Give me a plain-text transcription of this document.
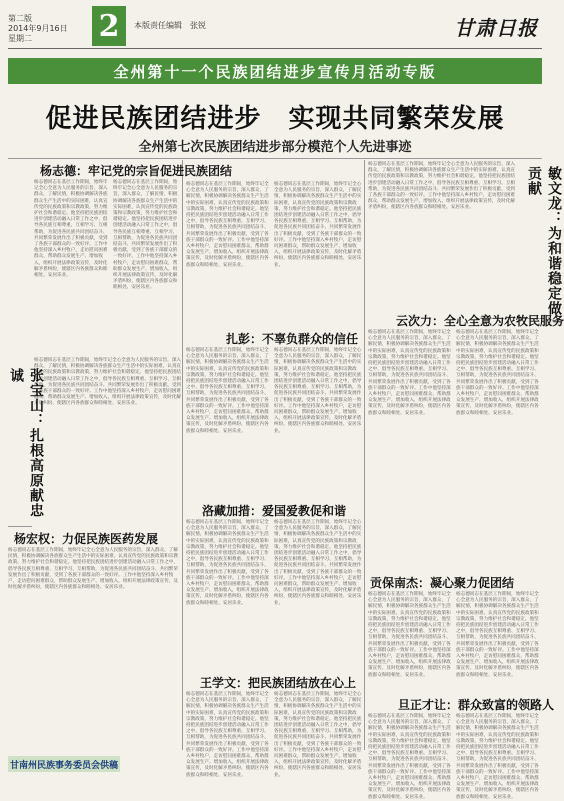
第二版
2014年9月16日
星期二	2	本版责任编辑　张锐	甘肃日报
全州第十一个民族团结进步宣传月活动专版
促进民族团结进步　实现共同繁荣发展
全州第七次民族团结进步部分模范个人先进事迹
杨志德：牢记党的宗旨促进民族团结
杨志德同志在基层工作期间，始终牢记全心全意为人民服务的宗旨，深入群众，了解民情，积极协调解决各族群众生产生活中的实际困难，认真宣传党的民族政策和宗教政策，努力维护社会和谐稳定。他坚持把民族团结进步创建活动融入日常工作之中，倡导各民族互相尊重、互相学习、互相帮助，为促进各民族共同团结奋斗、共同繁荣发展作出了积极贡献，受到了各族干部群众的一致好评。工作中他坚持深入乡村牧户，走访慰问困难群众，帮助群众发展生产、增加收入，组织开展法律政策宣传，及时化解矛盾纠纷，使辖区内各族群众和睦相处、安居乐业。
杨志德同志在基层工作期间，始终牢记全心全意为人民服务的宗旨，深入群众，了解民情，积极协调解决各族群众生产生活中的实际困难，认真宣传党的民族政策和宗教政策，努力维护社会和谐稳定。他坚持把民族团结进步创建活动融入日常工作之中，倡导各民族互相尊重、互相学习、互相帮助，为促进各民族共同团结奋斗、共同繁荣发展作出了积极贡献，受到了各族干部群众的一致好评。工作中他坚持深入乡村牧户，走访慰问困难群众，帮助群众发展生产、增加收入，组织开展法律政策宣传，及时化解矛盾纠纷，使辖区内各族群众和睦相处、安居乐业。
杨志德同志在基层工作期间，始终牢记全心全意为人民服务的宗旨，深入群众，了解民情，积极协调解决各族群众生产生活中的实际困难，认真宣传党的民族政策和宗教政策，努力维护社会和谐稳定。他坚持把民族团结进步创建活动融入日常工作之中，倡导各民族互相尊重、互相学习、互相帮助，为促进各民族共同团结奋斗、共同繁荣发展作出了积极贡献，受到了各族干部群众的一致好评。工作中他坚持深入乡村牧户，走访慰问困难群众，帮助群众发展生产、增加收入，组织开展法律政策宣传，及时化解矛盾纠纷，使辖区内各族群众和睦相处、安居乐业。
张宝山：扎根高原献忠诚
杨宏权：力促民族医药发展
杨志德同志在基层工作期间，始终牢记全心全意为人民服务的宗旨，深入群众，了解民情，积极协调解决各族群众生产生活中的实际困难，认真宣传党的民族政策和宗教政策，努力维护社会和谐稳定。他坚持把民族团结进步创建活动融入日常工作之中，倡导各民族互相尊重、互相学习、互相帮助，为促进各民族共同团结奋斗、共同繁荣发展作出了积极贡献，受到了各族干部群众的一致好评。工作中他坚持深入乡村牧户，走访慰问困难群众，帮助群众发展生产、增加收入，组织开展法律政策宣传，及时化解矛盾纠纷，使辖区内各族群众和睦相处、安居乐业。
甘南州民族事务委员会供稿
杨志德同志在基层工作期间，始终牢记全心全意为人民服务的宗旨，深入群众，了解民情，积极协调解决各族群众生产生活中的实际困难，认真宣传党的民族政策和宗教政策，努力维护社会和谐稳定。他坚持把民族团结进步创建活动融入日常工作之中，倡导各民族互相尊重、互相学习、互相帮助，为促进各民族共同团结奋斗、共同繁荣发展作出了积极贡献，受到了各族干部群众的一致好评。工作中他坚持深入乡村牧户，走访慰问困难群众，帮助群众发展生产、增加收入，组织开展法律政策宣传，及时化解矛盾纠纷，使辖区内各族群众和睦相处、安居乐业。
杨志德同志在基层工作期间，始终牢记全心全意为人民服务的宗旨，深入群众，了解民情，积极协调解决各族群众生产生活中的实际困难，认真宣传党的民族政策和宗教政策，努力维护社会和谐稳定。他坚持把民族团结进步创建活动融入日常工作之中，倡导各民族互相尊重、互相学习、互相帮助，为促进各民族共同团结奋斗、共同繁荣发展作出了积极贡献，受到了各族干部群众的一致好评。工作中他坚持深入乡村牧户，走访慰问困难群众，帮助群众发展生产、增加收入，组织开展法律政策宣传，及时化解矛盾纠纷，使辖区内各族群众和睦相处、安居乐业。
扎彭：不辜负群众的信任
杨志德同志在基层工作期间，始终牢记全心全意为人民服务的宗旨，深入群众，了解民情，积极协调解决各族群众生产生活中的实际困难，认真宣传党的民族政策和宗教政策，努力维护社会和谐稳定。他坚持把民族团结进步创建活动融入日常工作之中，倡导各民族互相尊重、互相学习、互相帮助，为促进各民族共同团结奋斗、共同繁荣发展作出了积极贡献，受到了各族干部群众的一致好评。工作中他坚持深入乡村牧户，走访慰问困难群众，帮助群众发展生产、增加收入，组织开展法律政策宣传，及时化解矛盾纠纷，使辖区内各族群众和睦相处、安居乐业。
杨志德同志在基层工作期间，始终牢记全心全意为人民服务的宗旨，深入群众，了解民情，积极协调解决各族群众生产生活中的实际困难，认真宣传党的民族政策和宗教政策，努力维护社会和谐稳定。他坚持把民族团结进步创建活动融入日常工作之中，倡导各民族互相尊重、互相学习、互相帮助，为促进各民族共同团结奋斗、共同繁荣发展作出了积极贡献，受到了各族干部群众的一致好评。工作中他坚持深入乡村牧户，走访慰问困难群众，帮助群众发展生产、增加收入，组织开展法律政策宣传，及时化解矛盾纠纷，使辖区内各族群众和睦相处、安居乐业。
洛藏加措：爱国爱教促和谐
杨志德同志在基层工作期间，始终牢记全心全意为人民服务的宗旨，深入群众，了解民情，积极协调解决各族群众生产生活中的实际困难，认真宣传党的民族政策和宗教政策，努力维护社会和谐稳定。他坚持把民族团结进步创建活动融入日常工作之中，倡导各民族互相尊重、互相学习、互相帮助，为促进各民族共同团结奋斗、共同繁荣发展作出了积极贡献，受到了各族干部群众的一致好评。工作中他坚持深入乡村牧户，走访慰问困难群众，帮助群众发展生产、增加收入，组织开展法律政策宣传，及时化解矛盾纠纷，使辖区内各族群众和睦相处、安居乐业。
杨志德同志在基层工作期间，始终牢记全心全意为人民服务的宗旨，深入群众，了解民情，积极协调解决各族群众生产生活中的实际困难，认真宣传党的民族政策和宗教政策，努力维护社会和谐稳定。他坚持把民族团结进步创建活动融入日常工作之中，倡导各民族互相尊重、互相学习、互相帮助，为促进各民族共同团结奋斗、共同繁荣发展作出了积极贡献，受到了各族干部群众的一致好评。工作中他坚持深入乡村牧户，走访慰问困难群众，帮助群众发展生产、增加收入，组织开展法律政策宣传，及时化解矛盾纠纷，使辖区内各族群众和睦相处、安居乐业。
王学文：把民族团结放在心上
杨志德同志在基层工作期间，始终牢记全心全意为人民服务的宗旨，深入群众，了解民情，积极协调解决各族群众生产生活中的实际困难，认真宣传党的民族政策和宗教政策，努力维护社会和谐稳定。他坚持把民族团结进步创建活动融入日常工作之中，倡导各民族互相尊重、互相学习、互相帮助，为促进各民族共同团结奋斗、共同繁荣发展作出了积极贡献，受到了各族干部群众的一致好评。工作中他坚持深入乡村牧户，走访慰问困难群众，帮助群众发展生产、增加收入，组织开展法律政策宣传，及时化解矛盾纠纷，使辖区内各族群众和睦相处、安居乐业。
杨志德同志在基层工作期间，始终牢记全心全意为人民服务的宗旨，深入群众，了解民情，积极协调解决各族群众生产生活中的实际困难，认真宣传党的民族政策和宗教政策，努力维护社会和谐稳定。他坚持把民族团结进步创建活动融入日常工作之中，倡导各民族互相尊重、互相学习、互相帮助，为促进各民族共同团结奋斗、共同繁荣发展作出了积极贡献，受到了各族干部群众的一致好评。工作中他坚持深入乡村牧户，走访慰问困难群众，帮助群众发展生产、增加收入，组织开展法律政策宣传，及时化解矛盾纠纷，使辖区内各族群众和睦相处、安居乐业。
杨志德同志在基层工作期间，始终牢记全心全意为人民服务的宗旨，深入群众，了解民情，积极协调解决各族群众生产生活中的实际困难，认真宣传党的民族政策和宗教政策，努力维护社会和谐稳定。他坚持把民族团结进步创建活动融入日常工作之中，倡导各民族互相尊重、互相学习、互相帮助，为促进各民族共同团结奋斗、共同繁荣发展作出了积极贡献，受到了各族干部群众的一致好评。工作中他坚持深入乡村牧户，走访慰问困难群众，帮助群众发展生产、增加收入，组织开展法律政策宣传，及时化解矛盾纠纷，使辖区内各族群众和睦相处、安居乐业。	敏文龙：为和谐稳定做贡献
云次力：全心全意为农牧民服务
杨志德同志在基层工作期间，始终牢记全心全意为人民服务的宗旨，深入群众，了解民情，积极协调解决各族群众生产生活中的实际困难，认真宣传党的民族政策和宗教政策，努力维护社会和谐稳定。他坚持把民族团结进步创建活动融入日常工作之中，倡导各民族互相尊重、互相学习、互相帮助，为促进各民族共同团结奋斗、共同繁荣发展作出了积极贡献，受到了各族干部群众的一致好评。工作中他坚持深入乡村牧户，走访慰问困难群众，帮助群众发展生产、增加收入，组织开展法律政策宣传，及时化解矛盾纠纷，使辖区内各族群众和睦相处、安居乐业。
杨志德同志在基层工作期间，始终牢记全心全意为人民服务的宗旨，深入群众，了解民情，积极协调解决各族群众生产生活中的实际困难，认真宣传党的民族政策和宗教政策，努力维护社会和谐稳定。他坚持把民族团结进步创建活动融入日常工作之中，倡导各民族互相尊重、互相学习、互相帮助，为促进各民族共同团结奋斗、共同繁荣发展作出了积极贡献，受到了各族干部群众的一致好评。工作中他坚持深入乡村牧户，走访慰问困难群众，帮助群众发展生产、增加收入，组织开展法律政策宣传，及时化解矛盾纠纷，使辖区内各族群众和睦相处、安居乐业。
贡保南杰：凝心聚力促团结
杨志德同志在基层工作期间，始终牢记全心全意为人民服务的宗旨，深入群众，了解民情，积极协调解决各族群众生产生活中的实际困难，认真宣传党的民族政策和宗教政策，努力维护社会和谐稳定。他坚持把民族团结进步创建活动融入日常工作之中，倡导各民族互相尊重、互相学习、互相帮助，为促进各民族共同团结奋斗、共同繁荣发展作出了积极贡献，受到了各族干部群众的一致好评。工作中他坚持深入乡村牧户，走访慰问困难群众，帮助群众发展生产、增加收入，组织开展法律政策宣传，及时化解矛盾纠纷，使辖区内各族群众和睦相处、安居乐业。
杨志德同志在基层工作期间，始终牢记全心全意为人民服务的宗旨，深入群众，了解民情，积极协调解决各族群众生产生活中的实际困难，认真宣传党的民族政策和宗教政策，努力维护社会和谐稳定。他坚持把民族团结进步创建活动融入日常工作之中，倡导各民族互相尊重、互相学习、互相帮助，为促进各民族共同团结奋斗、共同繁荣发展作出了积极贡献，受到了各族干部群众的一致好评。工作中他坚持深入乡村牧户，走访慰问困难群众，帮助群众发展生产、增加收入，组织开展法律政策宣传，及时化解矛盾纠纷，使辖区内各族群众和睦相处、安居乐业。
旦正才让：群众致富的领路人
杨志德同志在基层工作期间，始终牢记全心全意为人民服务的宗旨，深入群众，了解民情，积极协调解决各族群众生产生活中的实际困难，认真宣传党的民族政策和宗教政策，努力维护社会和谐稳定。他坚持把民族团结进步创建活动融入日常工作之中，倡导各民族互相尊重、互相学习、互相帮助，为促进各民族共同团结奋斗、共同繁荣发展作出了积极贡献，受到了各族干部群众的一致好评。工作中他坚持深入乡村牧户，走访慰问困难群众，帮助群众发展生产、增加收入，组织开展法律政策宣传，及时化解矛盾纠纷，使辖区内各族群众和睦相处、安居乐业。
杨志德同志在基层工作期间，始终牢记全心全意为人民服务的宗旨，深入群众，了解民情，积极协调解决各族群众生产生活中的实际困难，认真宣传党的民族政策和宗教政策，努力维护社会和谐稳定。他坚持把民族团结进步创建活动融入日常工作之中，倡导各民族互相尊重、互相学习、互相帮助，为促进各民族共同团结奋斗、共同繁荣发展作出了积极贡献，受到了各族干部群众的一致好评。工作中他坚持深入乡村牧户，走访慰问困难群众，帮助群众发展生产、增加收入，组织开展法律政策宣传，及时化解矛盾纠纷，使辖区内各族群众和睦相处、安居乐业。
